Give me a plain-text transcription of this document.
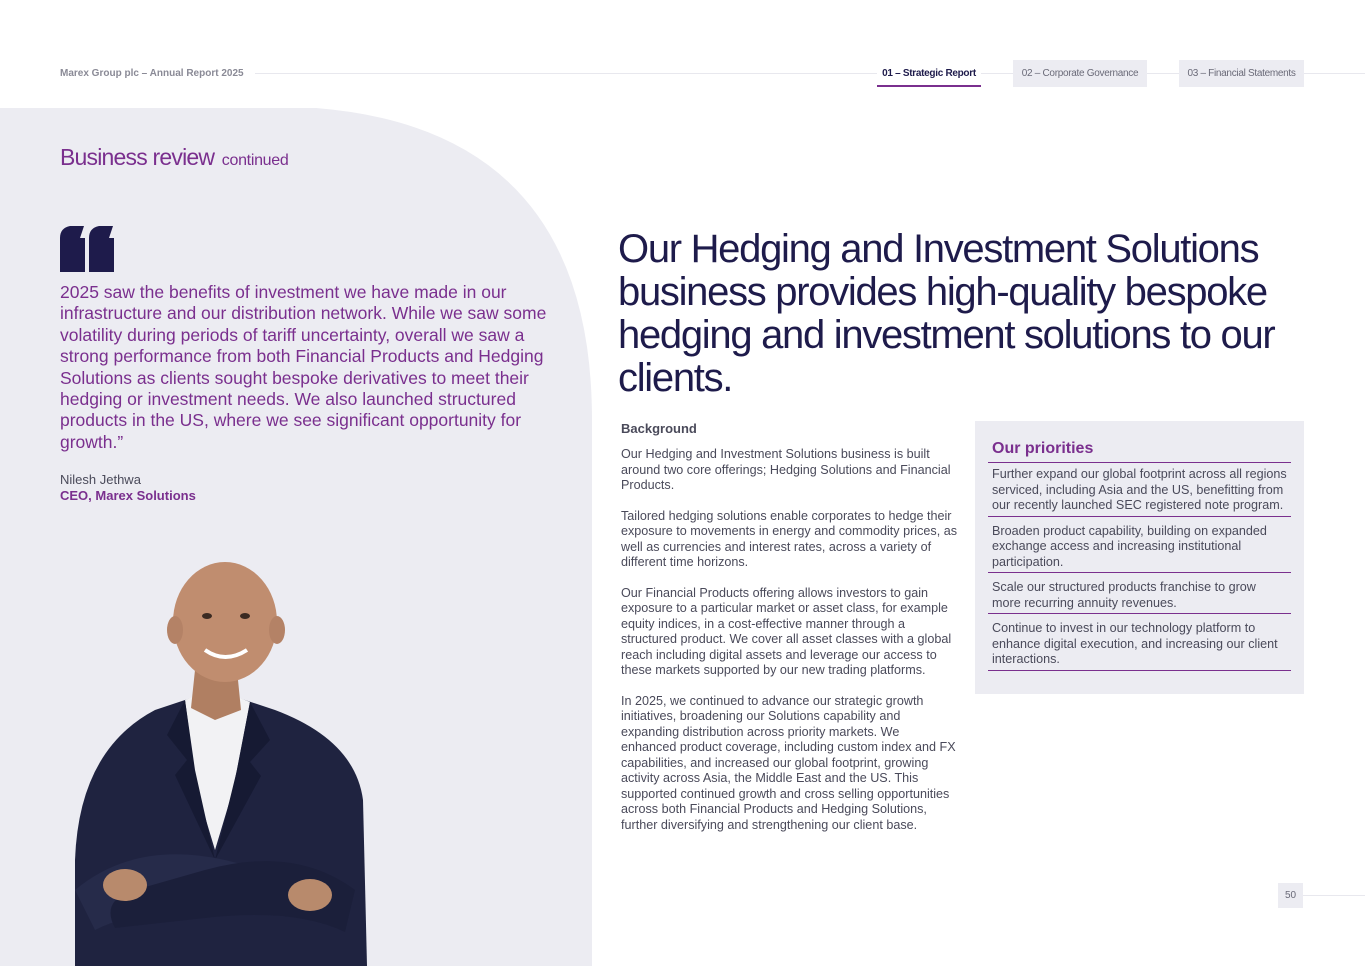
Marex Group plc – Annual Report 2025	01 – Strategic Report	02 – Corporate Governance	03 – Financial Statements
Business review continued
2025 saw the benefits of investment we have made in our infrastructure and our distribution network. While we saw some volatility during periods of tariff uncertainty, overall we saw a strong performance from both Financial Products and Hedging Solutions as clients sought bespoke derivatives to meet their hedging or investment needs. We also launched structured products in the US, where we see significant opportunity for growth.”
Nilesh Jethwa
CEO, Marex Solutions
Our Hedging and Investment Solutions business provides high-quality bespoke hedging and investment solutions to our clients.
Background

Our Hedging and Investment Solutions business is built around two core offerings; Hedging Solutions and Financial Products.

Tailored hedging solutions enable corporates to hedge their exposure to movements in energy and commodity prices, as well as currencies and interest rates, across a variety of different time horizons.

Our Financial Products offering allows investors to gain exposure to a particular market or asset class, for example equity indices, in a cost-effective manner through a structured product. We cover all asset classes with a global reach including digital assets and leverage our access to these markets supported by our new trading platforms.

In 2025, we continued to advance our strategic growth initiatives, broadening our Solutions capability and expanding distribution across priority markets. We enhanced product coverage, including custom index and FX capabilities, and increased our global footprint, growing activity across Asia, the Middle East and the US. This supported continued growth and cross selling opportunities across both Financial Products and Hedging Solutions, further diversifying and strengthening our client base.

Our priorities
Further expand our global footprint across all regions serviced, including Asia and the US, benefitting from our recently launched SEC registered note program.
Broaden product capability, building on expanded exchange access and increasing institutional participation.
Scale our structured products franchise to grow more recurring annuity revenues.
Continue to invest in our technology platform to enhance digital execution, and increasing our client interactions.
50
